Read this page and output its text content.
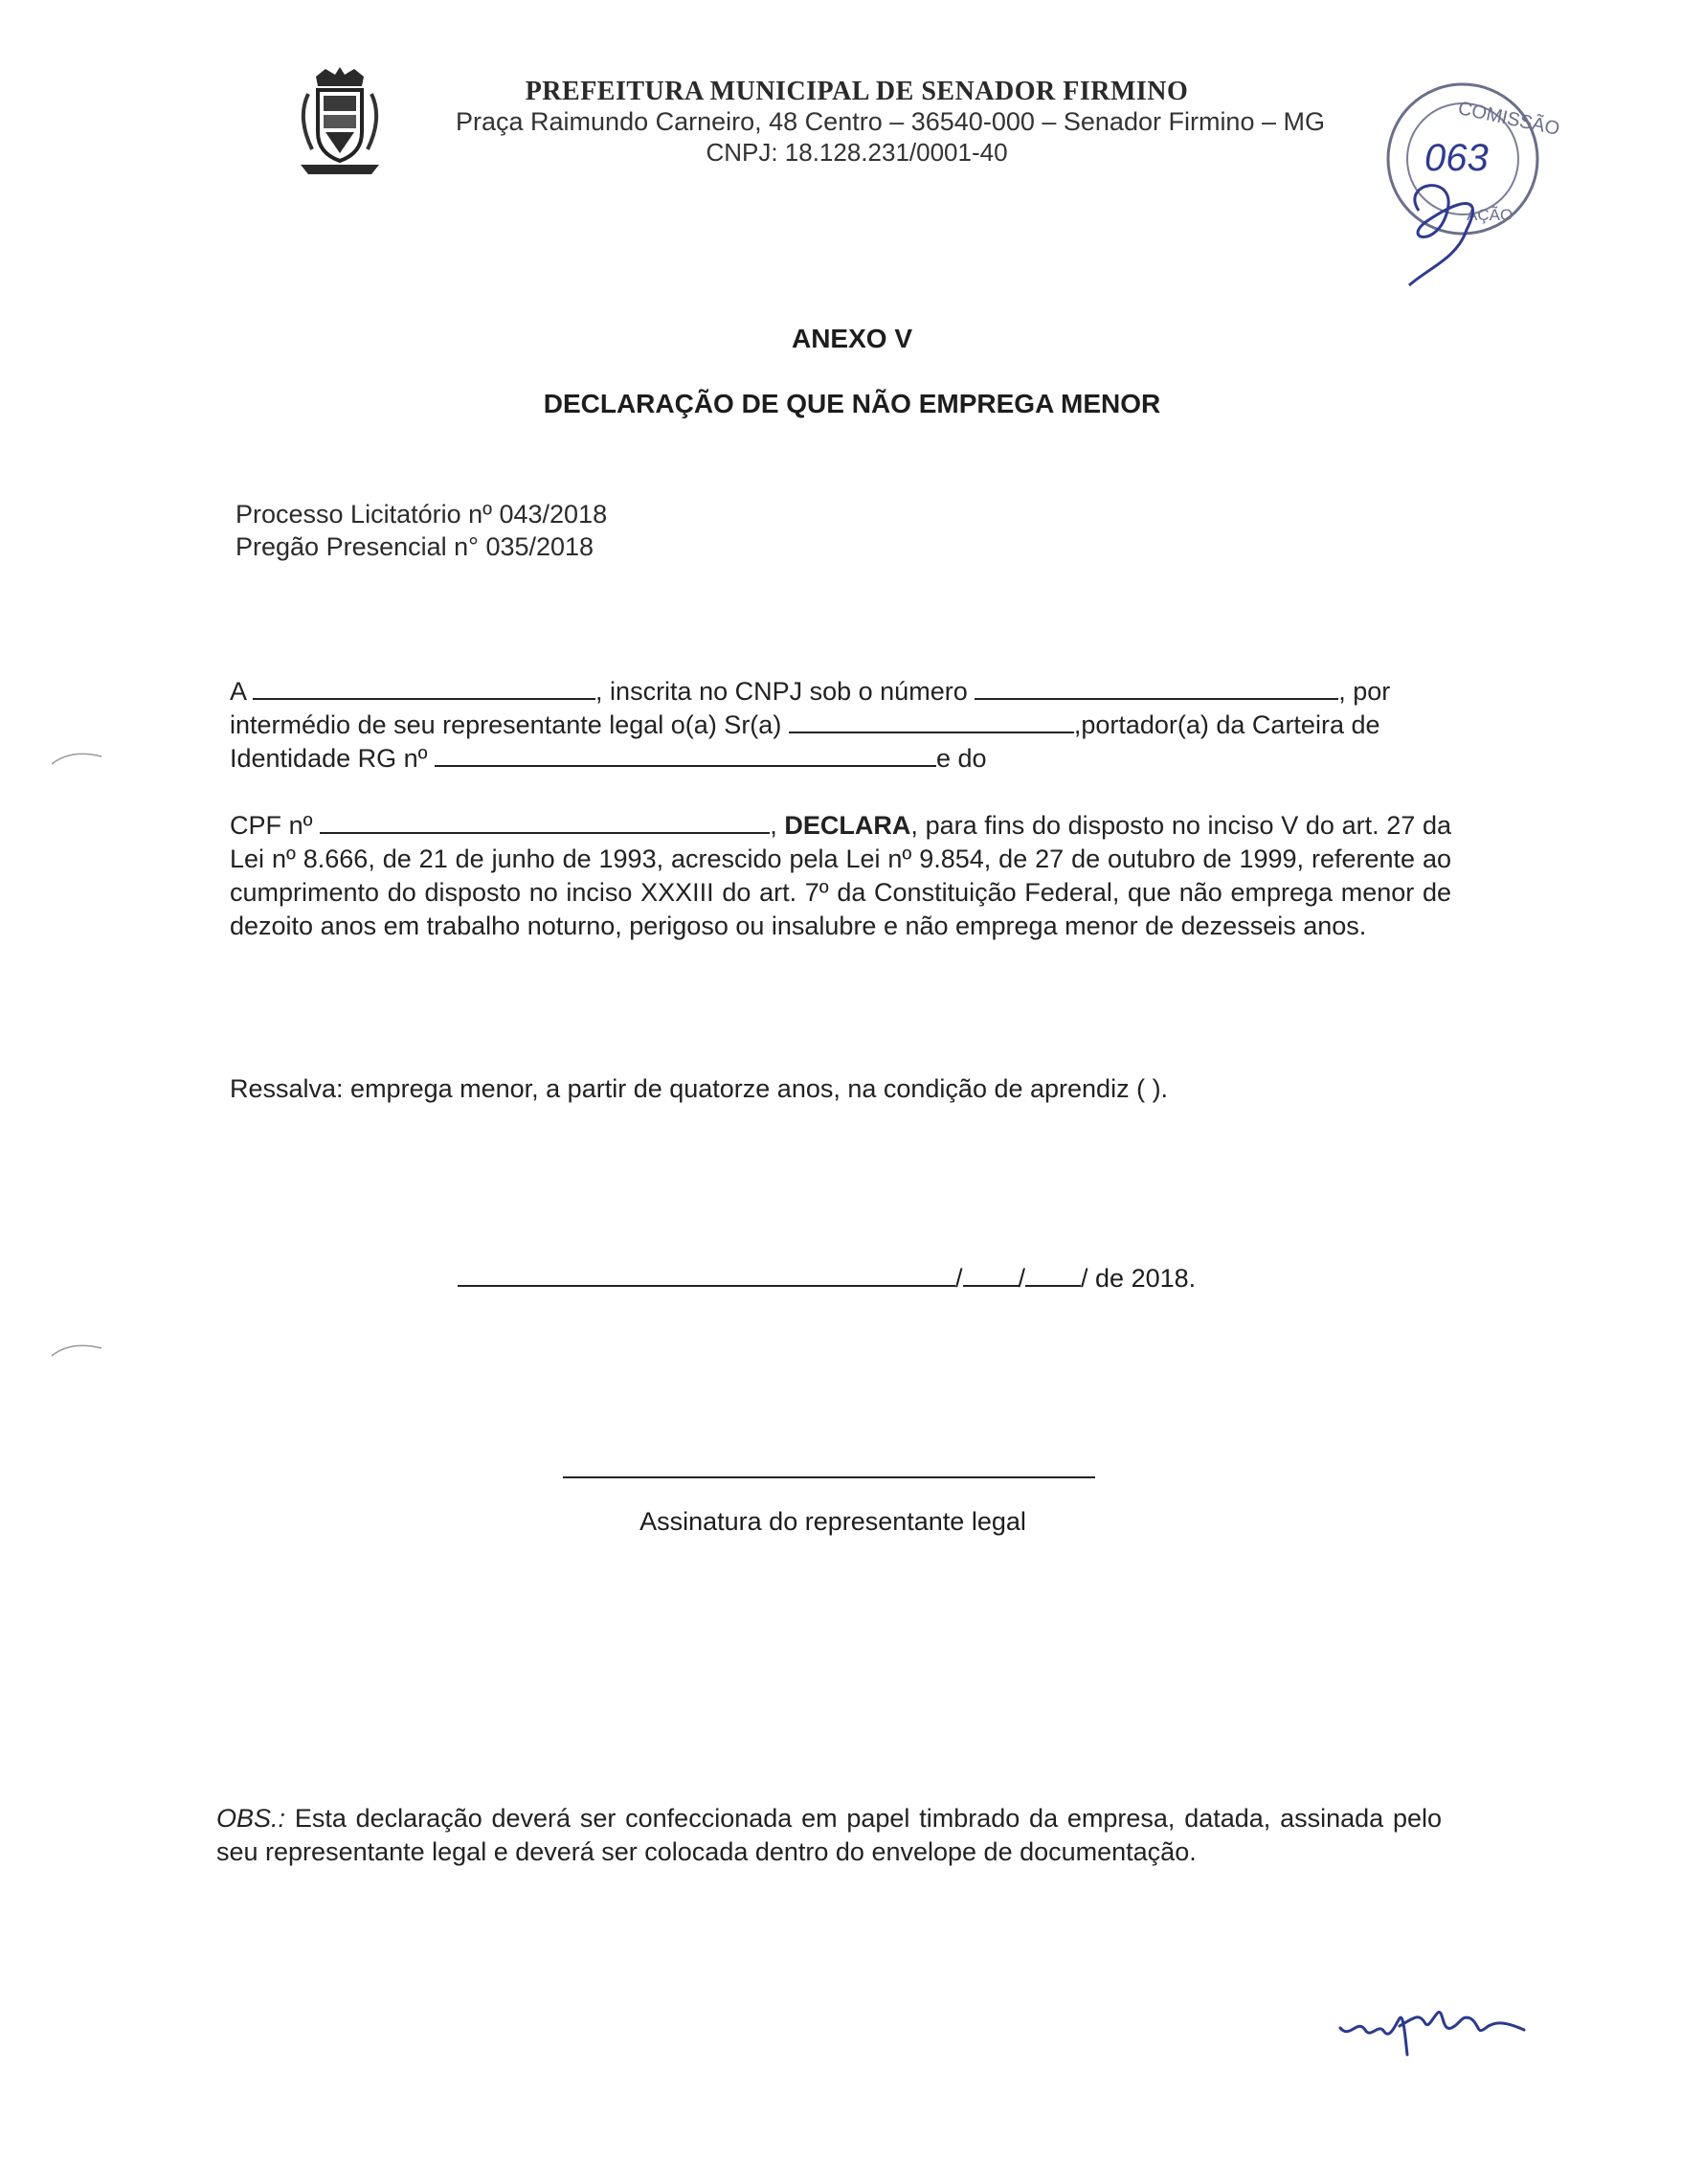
PREFEITURA MUNICIPAL DE SENADOR FIRMINO
Praça Raimundo Carneiro, 48 Centro – 36540-000 – Senador Firmino – MG
CNPJ: 18.128.231/0001-40
COMISSÃO
063
AÇÃO
ANEXO V
DECLARAÇÃO DE QUE NÃO EMPREGA MENOR
Processo Licitatório nº 043/2018
Pregão Presencial n° 035/2018
A	, inscrita no CNPJ sob o número	, por
intermédio de seu representante legal o(a) Sr(a)	,portador(a) da Carteira de
Identidade RG nº	e do
CPF nº	, DECLARA, para fins do disposto no inciso V do art. 27 da Lei nº 8.666, de 21 de junho de 1993, acrescido pela Lei nº 9.854, de 27 de outubro de 1999, referente ao cumprimento do disposto no inciso XXXIII do art. 7º da Constituição Federal, que não emprega menor de dezoito anos em trabalho noturno, perigoso ou insalubre e não emprega menor de dezesseis anos.
Ressalva: emprega menor, a partir de quatorze anos, na condição de aprendiz ( ).
/ / / de 2018.
Assinatura do representante legal
OBS.: Esta declaração deverá ser confeccionada em papel timbrado da empresa, datada, assinada pelo seu representante legal e deverá ser colocada dentro do envelope de documentação.
